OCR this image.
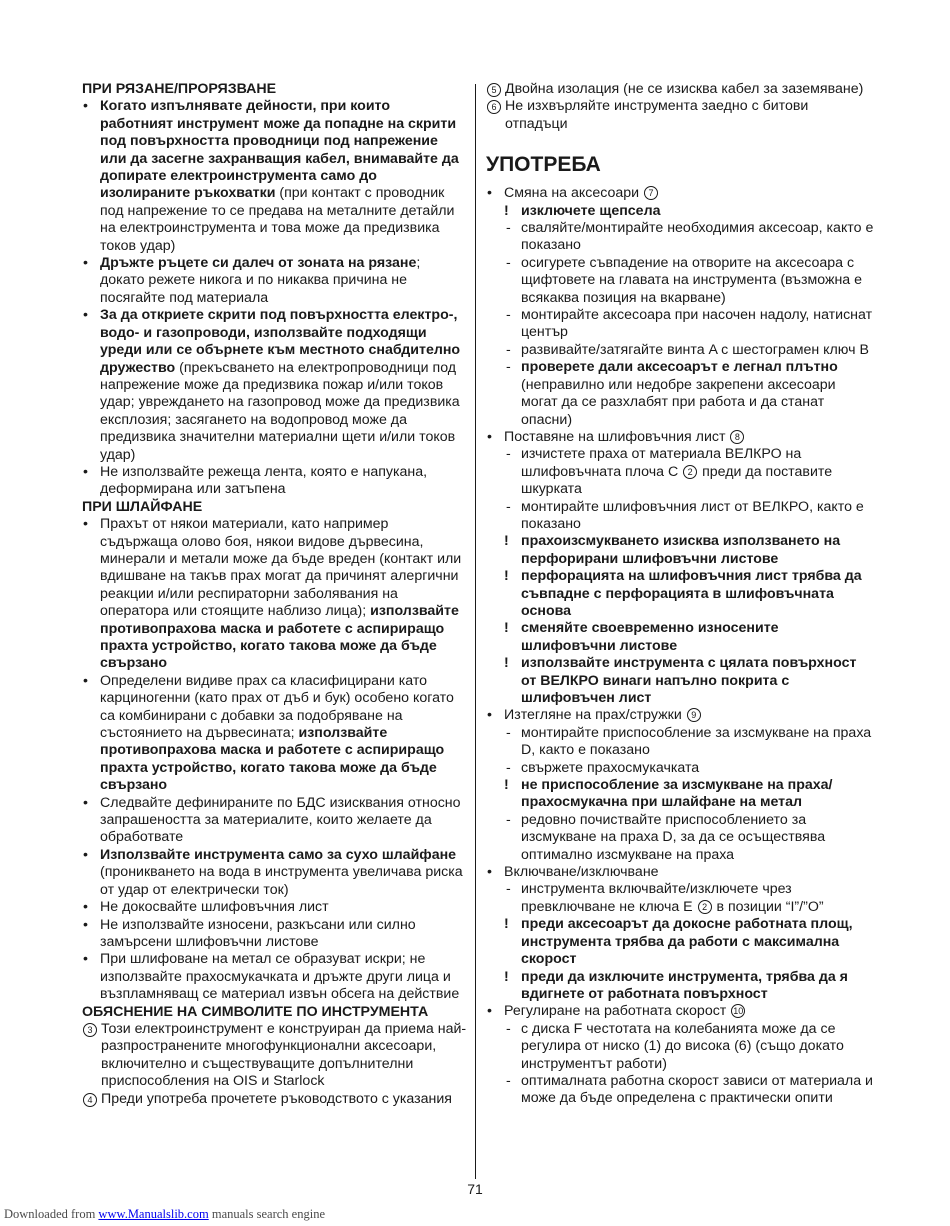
ПРИ РЯЗАНЕ/ПРОРЯЗВАНЕ
• Когато изпълнявате дейности, при които работният инструмент може да попадне на скрити под повърхността проводници под напрежение или да засегне захранващия кабел, внимавайте да допирате електроинструмента само до изолираните ръкохватки (при контакт с проводник под напрежение то се предава на металните детайли на електроинструмента и това може да предизвика токов удар)
• Дръжте ръцете си далеч от зоната на рязане; докато режете никога и по никаква причина не посягайте под материала
• За да откриете скрити под повърхността електро-, водо- и газопроводи, използвайте подходящи уреди или се обърнете към местното снабдително дружество (прекъсването на електропроводници под напрежение може да предизвика пожар и/или токов удар; увреждането на газопровод може да предизвика експлозия; засягането на водопровод може да предизвика значителни материални щети и/или токов удар)
• Не използвайте режеща лента, която е напукана, деформирана или затъпена
ПРИ ШЛАЙФАНЕ
• Прахът от някои материали, като например съдържаща олово боя, някои видове дървесина, минерали и метали може да бъде вреден (контакт или вдишване на такъв прах могат да причинят алергични реакции и/или респираторни заболявания на оператора или стоящите наблизо лица); използвайте противопрахова маска и работете с аспириращо прахта устройство, когато такова може да бъде свързано
• Определени видиве прах са класифицирани като карциногенни (като прах от дъб и бук) особено когато са комбинирани с добавки за подобряване на състоянието на дървесината; използвайте противопрахова маска и работете с аспириращо прахта устройство, когато такова може да бъде свързано
• Следвайте дефинираните по БДС изисквания относно запрашеността за материалите, които желаете да обработвате
• Използвайте инструмента само за сухо шлайфане (проникването на вода в инструмента увеличава риска от удар от електрически ток)
• Не докосвайте шлифовъчния лист
• Не използвайте износени, разкъсани или силно замърсени шлифовъчни листове
• При шлифоване на метал се образуват искри; не използвайте прахосмукачката и дръжте други лица и възпламняващ се материал извън обсега на действие
ОБЯСНЕНИЕ НА СИМВОЛИТЕ ПО ИНСТРУМЕНТА
3 Този електроинструмент е конструиран да приема най-разпространените многофункционални аксесоари, включително и съществуващите допълнителни приспособления на OIS и Starlock
4 Преди употреба прочетете ръководството с указания
5 Двойна изолация (не се изисква кабел за заземяване)
6 Не изхвърляйте инструмента заедно с битови отпадъци
УПОТРЕБА
• Смяна на аксесоари 7
! изключете щепсела
- сваляйте/монтирайте необходимия аксесоар, както е показано
- осигурете съвпадение на отворите на аксесоара с щифтовете на главата на инструмента (възможна е всякаква позиция на вкарване)
- монтирайте аксесоара при насочен надолу, натиснат център
- развивайте/затягайте винта A с шестограмен ключ B
- проверете дали аксесоарът е легнал плътно (неправилно или недобре закрепени аксесоари могат да се разхлабят при работа и да станат опасни)
• Поставяне на шлифовъчния лист 8
- изчистете праха от материала ВЕЛКРО на шлифовъчната плоча C 2 преди да поставите шкурката
- монтирайте шлифовъчния лист от ВЕЛКРО, както е показано
! прахоизсмукването изисква използването на перфорирани шлифовъчни листове
! перфорацията на шлифовъчния лист трябва да съвпадне с перфорацията в шлифовъчната основа
! сменяйте своевременно износените шлифовъчни листове
! използвайте инструмента с цялата повърхност от ВЕЛКРО винаги напълно покрита с шлифовъчен лист
• Изтегляне на прах/стружки 9
- монтирайте приспособление за изсмукване на праха D, както е показано
- свържете прахосмукачката
! не приспособление за изсмукване на праха/ прахосмукачна при шлайфане на метал
- редовно почиствайте приспособлението за изсмукване на праха D, за да се осъществява оптимално изсмукване на праха
• Включване/изключване
- инструмента включвайте/изключете чрез превключване не ключа E 2 в позиции “I”/”O”
! преди аксесоарът да докосне работната площ, инструмента трябва да работи с максимална скорост
! преди да изключите инструмента, трябва да я вдигнете от работната повърхност
• Регулиране на работната скорост 10
- с диска F честотата на колебанията може да се регулира от ниско (1) до висока (6) (също докато инструментът работи)
- оптималната работна скорост зависи от материала и може да бъде определена с практически опити
71
Downloaded from www.Manualslib.com manuals search engine
